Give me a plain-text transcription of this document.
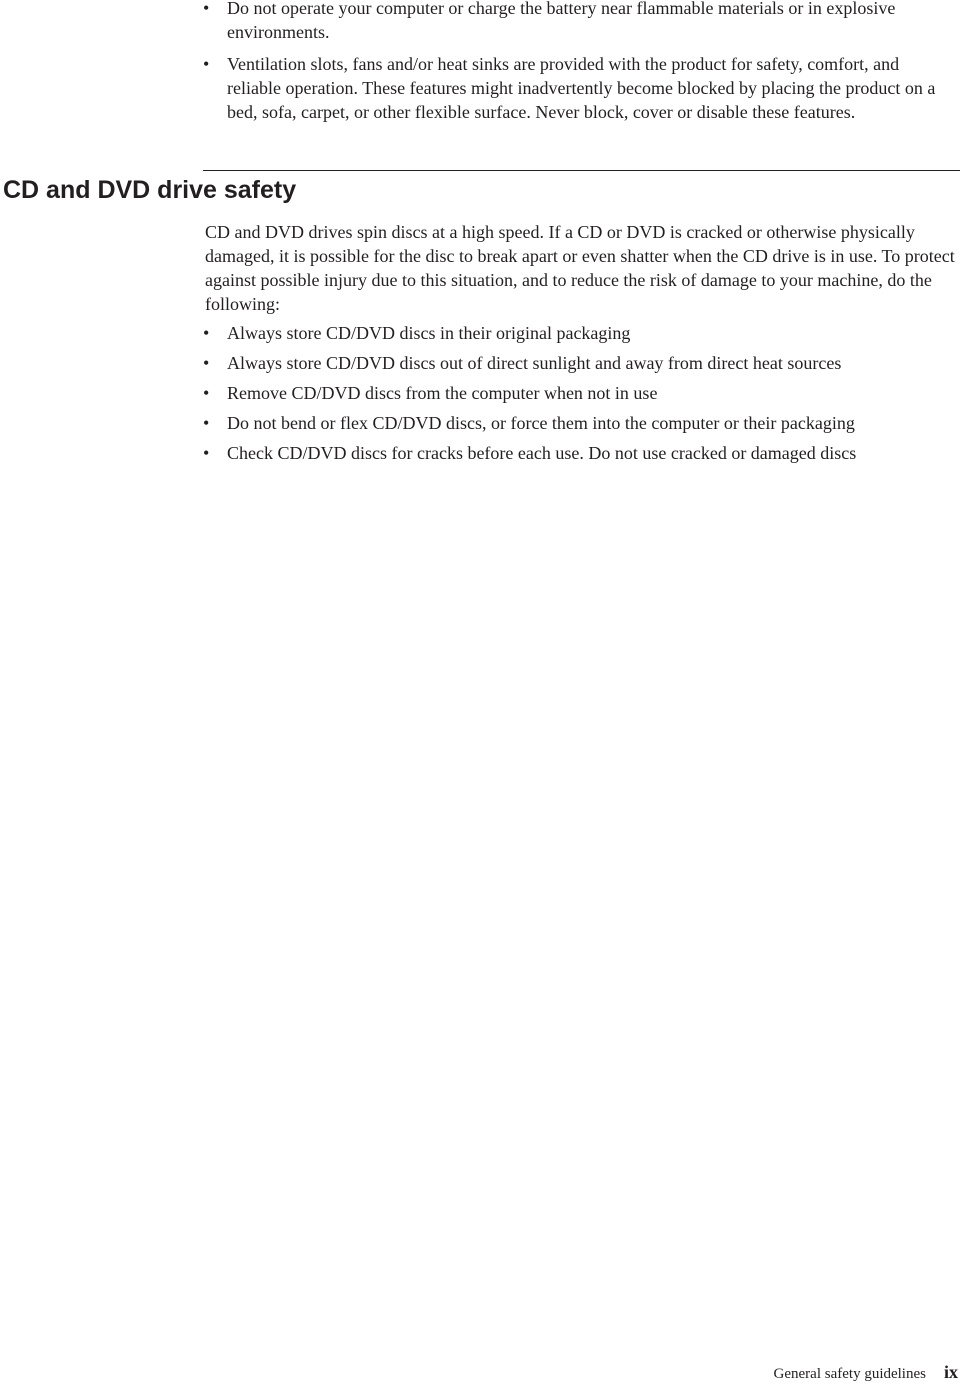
• Do not operate your computer or charge the battery near flammable materials or in explosive environments.
• Ventilation slots, fans and/or heat sinks are provided with the product for safety, comfort, and reliable operation. These features might inadvertently become blocked by placing the product on a bed, sofa, carpet, or other flexible surface. Never block, cover or disable these features.
CD and DVD drive safety

CD and DVD drives spin discs at a high speed. If a CD or DVD is cracked or otherwise physically damaged, it is possible for the disc to break apart or even shatter when the CD drive is in use. To protect against possible injury due to this situation, and to reduce the risk of damage to your machine, do the following:

• Always store CD/DVD discs in their original packaging
• Always store CD/DVD discs out of direct sunlight and away from direct heat sources
• Remove CD/DVD discs from the computer when not in use
• Do not bend or flex CD/DVD discs, or force them into the computer or their packaging
• Check CD/DVD discs for cracks before each use. Do not use cracked or damaged discs
General safety guidelines ix
